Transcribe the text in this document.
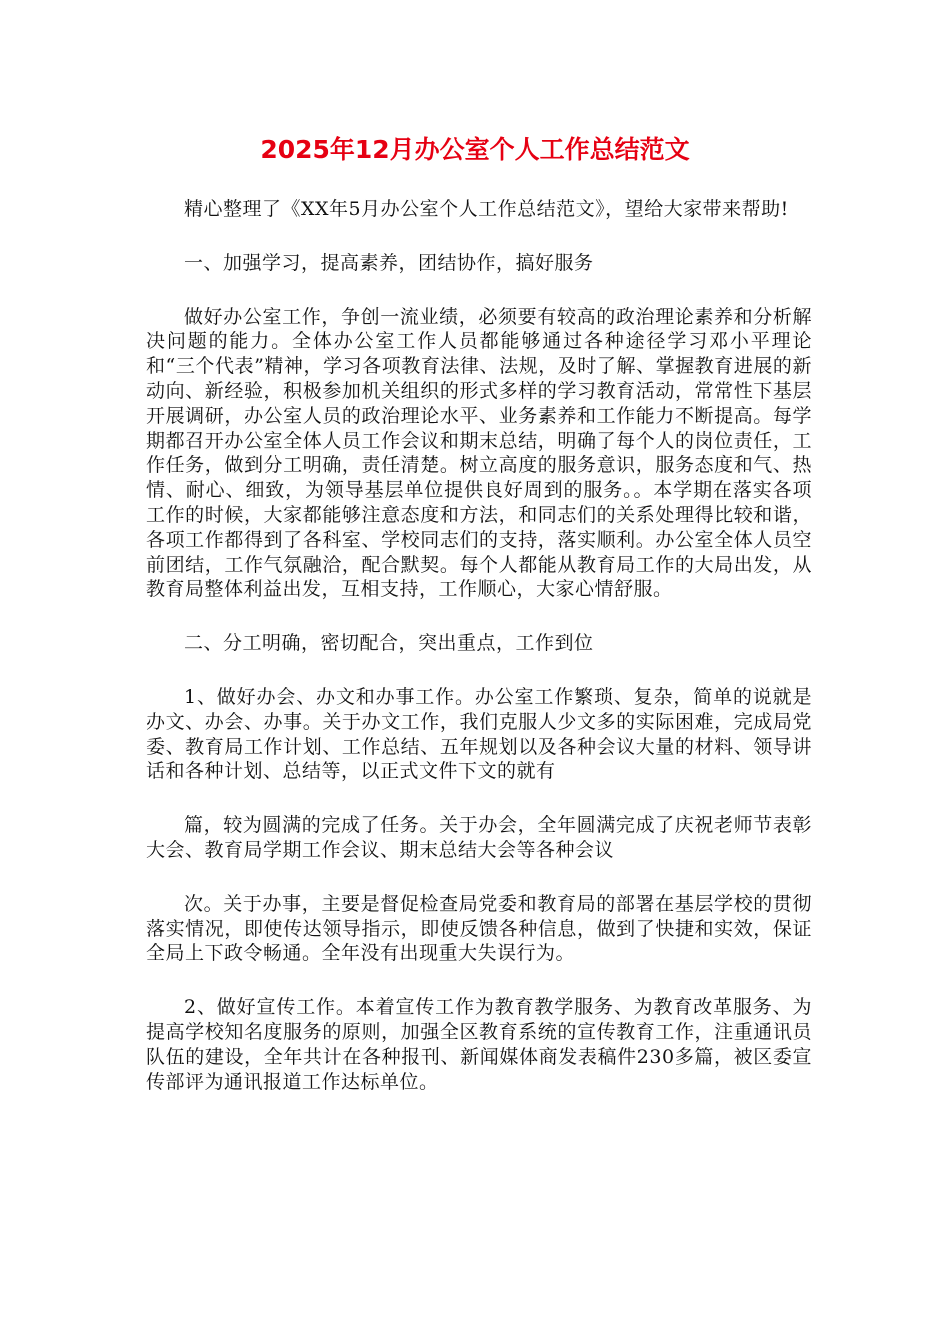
2025年12月办公室个人工作总结范文

精心整理了《XX年5月办公室个人工作总结范文》，望给大家带来帮助!

一、加强学习，提高素养，团结协作，搞好服务

做好办公室工作，争创一流业绩，必须要有较高的政治理论素养和分析解决问题的能力。全体办公室工作人员都能够通过各种途径学习邓小平理论和“三个代表”精神，学习各项教育法律、法规，及时了解、掌握教育进展的新动向、新经验，积极参加机关组织的形式多样的学习教育活动，常常性下基层开展调研，办公室人员的政治理论水平、业务素养和工作能力不断提高。每学期都召开办公室全体人员工作会议和期末总结，明确了每个人的岗位责任，工作任务，做到分工明确，责任清楚。树立高度的服务意识，服务态度和气、热情、耐心、细致，为领导基层单位提供良好周到的服务。。本学期在落实各项工作的时候，大家都能够注意态度和方法，和同志们的关系处理得比较和谐，各项工作都得到了各科室、学校同志们的支持，落实顺利。办公室全体人员空前团结，工作气氛融洽，配合默契。每个人都能从教育局工作的大局出发，从教育局整体利益出发，互相支持，工作顺心，大家心情舒服。

二、分工明确，密切配合，突出重点，工作到位

1、做好办会、办文和办事工作。办公室工作繁琐、复杂，简单的说就是办文、办会、办事。关于办文工作，我们克服人少文多的实际困难，完成局党委、教育局工作计划、工作总结、五年规划以及各种会议大量的材料、领导讲话和各种计划、总结等，以正式文件下文的就有

篇，较为圆满的完成了任务。关于办会，全年圆满完成了庆祝老师节表彰大会、教育局学期工作会议、期末总结大会等各种会议

次。关于办事，主要是督促检查局党委和教育局的部署在基层学校的贯彻落实情况，即使传达领导指示，即使反馈各种信息，做到了快捷和实效，保证全局上下政令畅通。全年没有出现重大失误行为。

2、做好宣传工作。本着宣传工作为教育教学服务、为教育改革服务、为提高学校知名度服务的原则，加强全区教育系统的宣传教育工作，注重通讯员队伍的建设，全年共计在各种报刊、新闻媒体商发表稿件230多篇，被区委宣传部评为通讯报道工作达标单位。
